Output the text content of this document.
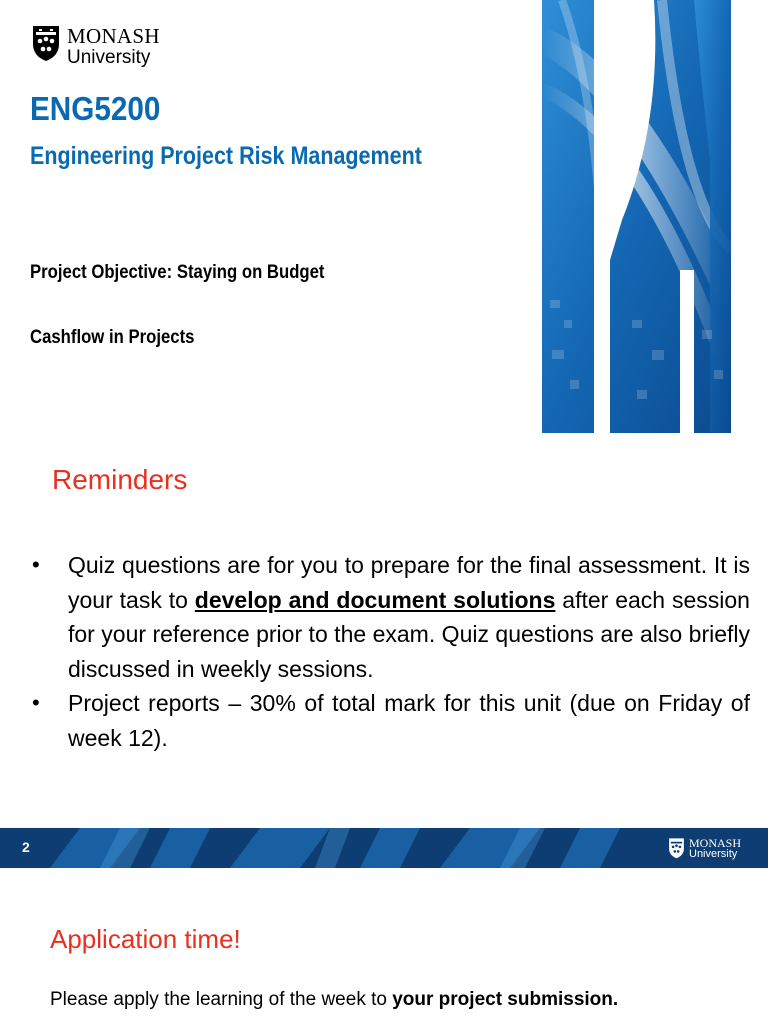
MONASH
University
ENG5200
Engineering Project Risk Management

Project Objective: Staying on Budget

Cashflow in Projects

Reminders
• Quiz questions are for you to prepare for the final assessment. It is your task to develop and document solutions after each session for your reference prior to the exam. Quiz questions are also briefly discussed in weekly sessions.
• Project reports – 30% of total mark for this unit (due on Friday of week 12).
2	MONASH
University
Application time!

Please apply the learning of the week to your project submission.
